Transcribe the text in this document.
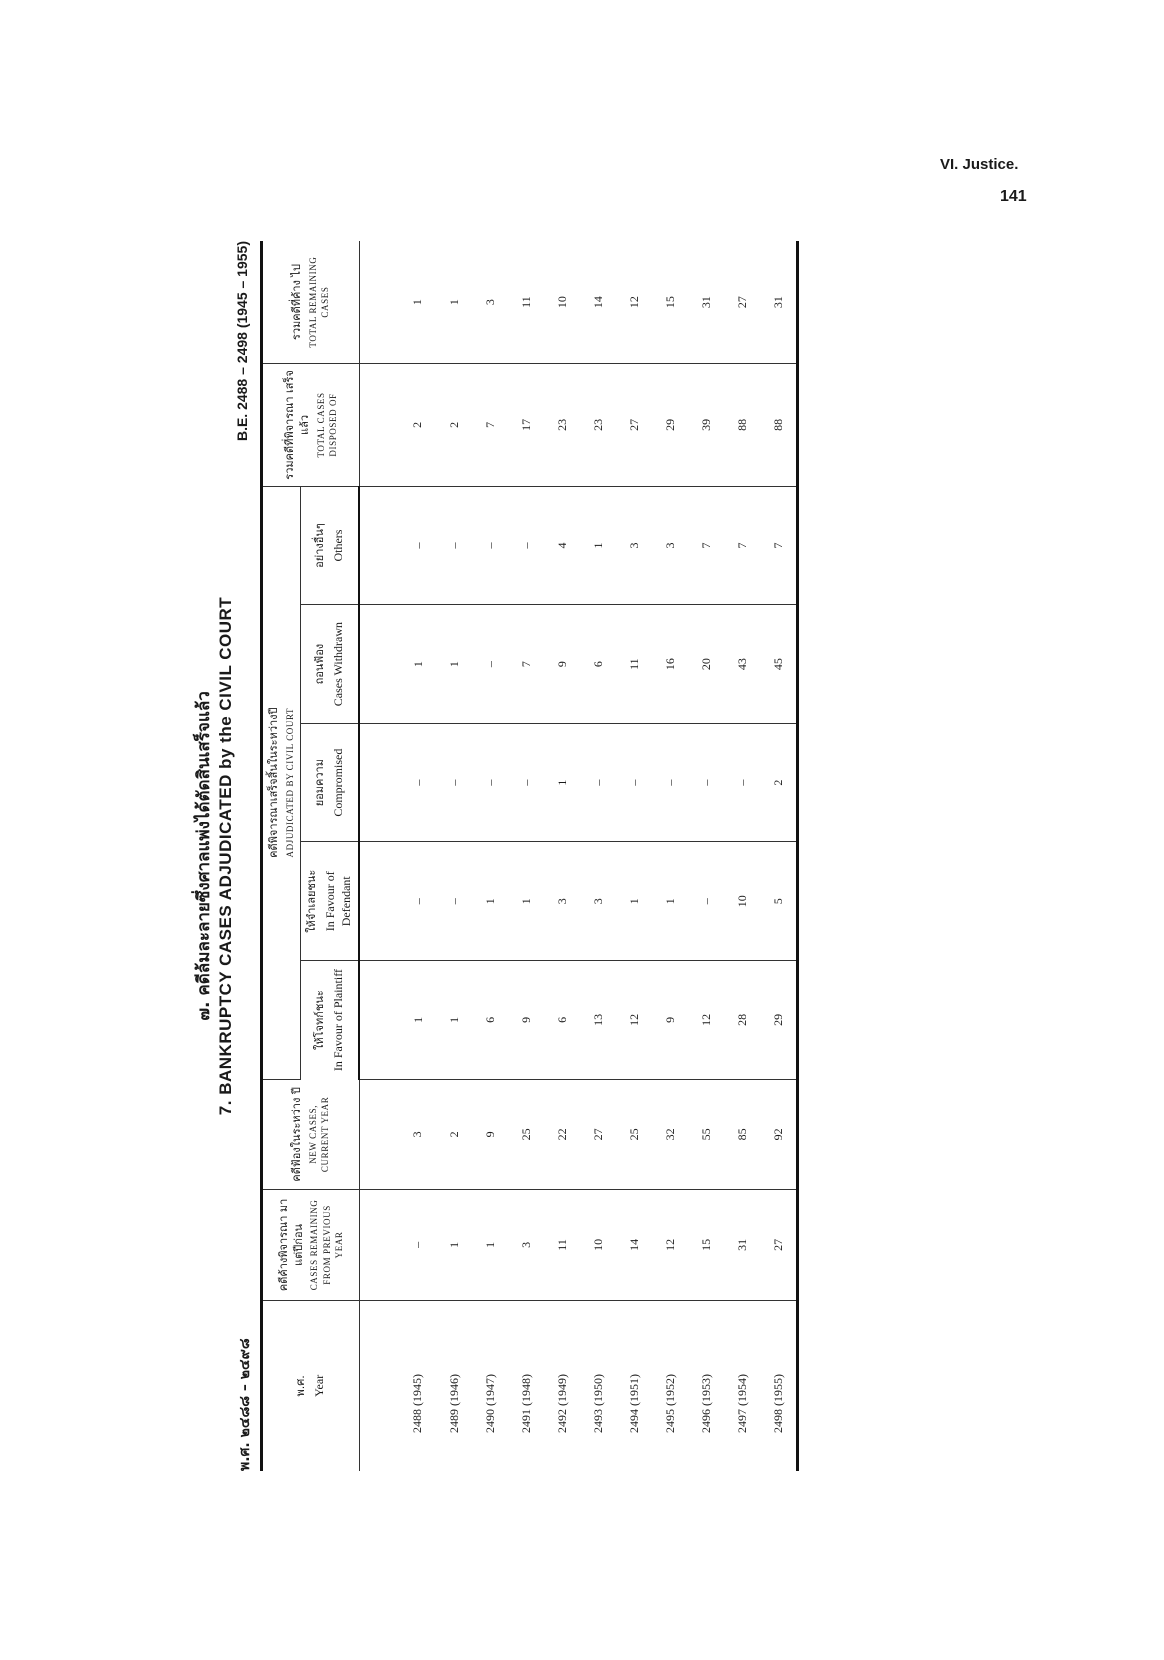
VI. Justice.
141
๗. คดีล้มละลายซึ่งศาลแพ่งได้ตัดสินเสร็จแล้ว 7. BANKRUPTCY CASES ADJUDICATED by the CIVIL COURT
พ.ศ. ๒๔๘๘ – ๒๔๙๘
B.E. 2488 – 2498 (1945 – 1955)
พ.ศ. Year	คดีค้างพิจารณา มาแต่ปีก่อน CASES REMAINING FROM PREVIOUS YEAR	คดีฟ้องในระหว่าง ปี NEW CASES, CURRENT YEAR	คดีพิจารณาเสร็จสิ้นในระหว่างปี ADJUDICATED BY CIVIL COURT					รวมคดีที่พิจารณา เสร็จแล้ว TOTAL CASES DISPOSED OF	รวมคดีที่ค้าง ไป TOTAL REMAINING CASES

			ให้โจทก์ชนะ In Favour of Plaintiff	ให้จำเลยชนะ In Favour of Defendant	ยอมความ Compromised	ถอนฟ้อง Cases Withdrawn	อย่างอื่นๆ Others		

2488 (1945)	–	3	1	–	–	1	–	2	1
2489 (1946)	1	2	1	–	–	1	–	2	1
2490 (1947)	1	9	6	1	–	–	–	7	3
2491 (1948)	3	25	9	1	–	7	–	17	11
2492 (1949)	11	22	6	3	1	9	4	23	10
2493 (1950)	10	27	13	3	–	6	1	23	14
2494 (1951)	14	25	12	1	–	11	3	27	12
2495 (1952)	12	32	9	1	–	16	3	29	15
2496 (1953)	15	55	12	–	–	20	7	39	31
2497 (1954)	31	85	28	10	–	43	7	88	27
2498 (1955)	27	92	29	5	2	45	7	88	31
